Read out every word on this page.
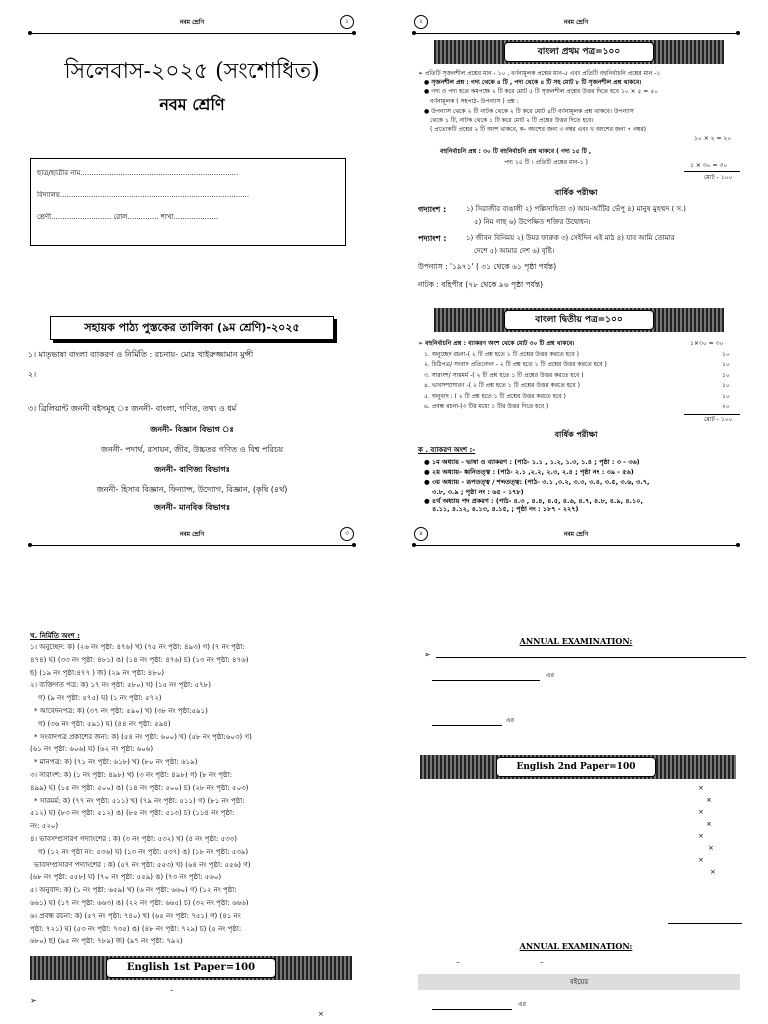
নবম শ্রেণি	১
সিলেবাস-২০২৫ (সংশোধিত)
নবম শ্রেণি
ছাত্র/ছাত্রীর নাম.......................................................................
বিদ্যালয়.....................................................................................
শ্রেণী........................... রোল.............. শাখা....................
সহায়ক পাঠ্য পুস্তকের তালিকা (৯ম শ্রেণি)-২০২৫
১। মাতৃভাষা বাংলা ব্যাকরণ ও নির্মিতি : রচনায়- মোঃ খাইরুজ্জামান মুন্সী
২।
৩। ব্রিলিয়ান্ট জননী বইসমূহ ঃ জননী- বাংলা, গণিত, তথ্য ও ধর্ম
জননী- বিজ্ঞান বিভাগ ঃ
জননী- পদার্থ, রসায়ন, জীব, উচ্চতর গণিত ও বিশ্ব পরিচয়
জননী- বাণিজ্য বিভাগঃ
জননী- হিসাব বিজ্ঞান, ফিন্যান্স, উদ্যোগ, বিজ্ঞান, (কৃষি (৪র্থ)
জননী- মানবিক বিভাগঃ
নবম শ্রেণি
২
বাংলা প্রথম পত্র=১০০
➢ প্রতিটি সৃজনশীল প্রশ্নের মান - ১০ , বর্ণনামূলক প্রশ্নের মান-৫ এবং প্রতিটি বহুনির্বাচনি প্রশ্নের মান -১
● সৃজনশীল প্রশ্ন : গদ্য থেকে ৪ টি , পদ্য থেকে ৪ টি সহ মোট ৮ টি সৃজনশীল প্রশ্ন থাকবে।
● গদ্য ও পদ্য হতে কমপক্ষে ২ টি করে মোট ৫ টি সৃজনশীল প্রশ্নের উত্তর দিতে হবে ১০ × ৫ = ৫০
বর্ণনামূলক ( সহপাঠ- উপন্যাস ) প্রশ্ন :
● উপন্যাস থেকে ২ টি নাটক থেকে ২ টি করে মোট ৪টি বর্ণনামূলক প্রশ্ন থাকবে। উপন্যাস
থেকে ১ টি, নাটক থেকে ১ টি করে মোট ২ টি প্রশ্নের উত্তর দিতে হবে।
( প্রত্যেকটি প্রশ্নের ২ টি অংশ থাকবে, ক- অংশের জন্য ৩ নম্বর এবং খ অংশের জন্য ৭ নম্বর)
১০ × ২ = ২০
বহুনির্বাচনি প্রশ্ন : ৩০ টি বহুনির্বাচনি প্রশ্ন থাকবে ( গদ্য ১৫ টি ,
পদ্য ১৫ টি । প্রতিটি প্রশ্নের মান-১ )	১ × ৩০ = ৩০
মোট - ১০০
বার্ষিক পরীক্ষা
গদ্যাংশ :	১) সিরাজীর বাঙালী ২) পল্লিসাহিত্য ৩) আম-আঁটির ভেঁপু ৪) মানুষ মুহম্মদ ( স.)
৫) নিম গাছ ৬) উপেক্ষিত শক্তির উদ্বোধন।
পদ্যাংশ :	১) জীবন বিনিময় ২) উমর ফারুক ৩) সেইদিন এই মাঠ ৪) যাব আমি তোমার
দেশে ৫) আমার দেশ ৬) বৃষ্টি।
উপন্যাস : '১৯৭১' ( ৩১ থেকে ৬১ পৃষ্ঠা পর্যন্ত)
নাটক : বহিপীর (৭৮ থেকে ৯৬ পৃষ্ঠা পর্যন্ত)
বাংলা দ্বিতীয় পত্র=১০০
➢ বহুনির্বাচনি প্রশ্ন : ব্যাকরণ অংশ থেকে মোট ৩০ টি প্রশ্ন থাকবে।	১×৩০ = ৩০
১. অনুচ্ছেদ রচনা-( ২ টি প্রশ্ন হতে ১ টি প্রশ্নের উত্তর করতে হবে )	১০
২. চিঠিপত্র/ সংবাদ প্রতিবেদন - ২ টি প্রশ্ন হতে ১ টি প্রশ্নের উত্তর করতে হবে )	১০
৩. সারাংশ/ সারমর্ম -( ২ টি প্রশ্ন হতে ১ টি প্রশ্নের উত্তর করতে হবে )	১০
৪. ভাবসম্প্রসারণ -( ২ টি প্রশ্ন হতে ১ টি প্রশ্নের উত্তর করতে হবে )	১০
৫. অনুবাদ : ( ২ টি প্রশ্ন হতে ১ টি প্রশ্নের উত্তর করতে হবে )	১০
৬. প্রবন্ধ রচনা-(৩ টির মধ্যে ১ টির উত্তর দিতে হবে )	২০
মোট - ১০০
বার্ষিক পরীক্ষা
ক . ব্যাকরণ অংশ :-
● ১ম অধ্যায় - ভাষা ও ব্যাকরণ : (পাঠ- ১.১ , ১.২, ১.৩, ১.৪ ; পৃষ্ঠা : ৩ - ৩৬)
● ২য় অধ্যায়- ধ্বনিতত্ত্ব : (পাঠ- ২.১ ,২.২, ২.৩, ২.৪ ; পৃষ্ঠা নং : ৩৯ - ৫৬)
● ৩য় অধ্যায় - রূপতত্ত্ব / শব্দতত্ত্ব: (পাঠ- ৩.১ ,৩.২, ৩.৩, ৩.৪, ৩.৫, ৩.৬, ৩.৭,
৩.৮, ৩.৯ ; পৃষ্ঠা নং : ৬৫ - ১৭৮)
● ৪র্থ অধ্যায় পদ প্রকরণ : (পাঠ- ৪.৩ , ৪.৪, ৪.৫, ৪.৬, ৪.৭, ৪.৮, ৪.৯, ৪.১০,
৪.১১, ৪.১২, ৪.১৩, ৪.১৫, ; পৃষ্ঠা নং : ১৮৭ - ২২৭)
নবম শ্রেণি	৩
খ. নির্মিতি অংশ :
১। অনুচ্ছেদ: ক) (২৬ নং পৃষ্ঠা: ৪৭৬) খ) (৭৫ নং পৃষ্ঠা: ৪৯৩) গ) (৭ নং পৃষ্ঠা:
৪৭৪) ঘ) (৩৩ নং পৃষ্ঠা: ৪৮১) ঙ) (১৪ নং পৃষ্ঠা: ৪৭৬) চ) (১৩ নং পৃষ্ঠা: ৪৭৬)
ছ) (১৯ নং পৃষ্ঠা:৪৭৭ ) জ) (২৯ নং পৃষ্ঠা: ৪৮০)
২। ব্যক্তিগত পত্র: ক) ১৭ নং পৃষ্ঠা: ৫৮০) খ) (১৫ নং পৃষ্ঠা: ৫৭৮)
গ) (৯ নং পৃষ্ঠা: ৫৭৫) ঘ) (১ নং পৃষ্ঠা: ৫৭২)
* আবেদনপত্র: ক) (৩৭ নং পৃষ্ঠা: ৫৯০) খ) (৩৮ নং পৃষ্ঠা:৫৯১)
গ) (৩৬ নং পৃষ্ঠা: ৫৯১) ঘ) (৪৪ নং পৃষ্ঠা: ৫৯৪)
* সংবাদপত্র প্রকাশের জন্য: ক) (৫৪ নং পৃষ্ঠা: ৬০০) খ) (৫৮ নং পৃষ্ঠা:৬০৩) গ)
(৬১ নং পৃষ্ঠা: ৬০৬) ঘ) (৬২ নং পৃষ্ঠা: ৬০৬)
* মানপত্র: ক) (৭১ নং পৃষ্ঠা: ৬১৮) খ) (৮০ নং পৃষ্ঠা: ৬১৯)
৩। সারাংশ: ক) (১ নং পৃষ্ঠা: ৪৯৮) খ) (৩ নং পৃষ্ঠা: ৪৯৮) গ) (৮ নং পৃষ্ঠা:
৪৯৯) ঘ) (১৫ নং পৃষ্ঠা: ৫০০) ঙ) (১৪ নং পৃষ্ঠা: ৫০০) চ) (২৮ নং পৃষ্ঠা: ৫০৩)
* সারমর্ম: ক) (৭৭ নং পৃষ্ঠা: ৫১১) খ) (৭৯ নং পৃষ্ঠা: ৫১১) গ) (৮১ নং পৃষ্ঠা:
৫১২) ঘ) (৮৩ নং পৃষ্ঠা: ৫১২) ঙ) (৮৫ নং পৃষ্ঠা: ৫১৩) চ) (১১৪ নং পৃষ্ঠা:
নং: ৫২০)
৪। ভাবসম্প্রসারণ গদ্যাংশের : ক) (৩ নং পৃষ্ঠা: ৫৩২) খ) (৪ নং পৃষ্ঠা: ৫৩৩)
গ) (১২ নং পৃষ্ঠা নং: ৫৩৬) ঘ) (১৩ নং পৃষ্ঠা: ৫৩৭) ঙ) (১৮ নং পৃষ্ঠা: ৫৩৯)
ভাবসম্প্রসারণ পদ্যাংশের : ক) (৫৭ নং পৃষ্ঠা: ৫৫৩) খ) (৬৪ নং পৃষ্ঠা: ৫৫৬) গ)
(৬৮ নং পৃষ্ঠা: ৫৫৮) ঘ) (৭০ নং পৃষ্ঠা: ৫৫৯) ঙ) (৭৩ নং পৃষ্ঠা: ৫৬০)
৫। অনুবাদ: ক) (১ নং পৃষ্ঠা: ৬৫৯) খ) (৬ নং পৃষ্ঠা: ৬৬০) গ) (১২ নং পৃষ্ঠা:
৬৬১) ঘ) (১৭ নং পৃষ্ঠা: ৬৬৩) ঙ) (২২ নং পৃষ্ঠা: ৬৬৫) চ) (৩২ নং পৃষ্ঠা: ৬৬৬)
৬। প্রবন্ধ রচনা: ক) (৫৭ নং পৃষ্ঠা: ৭৪০) খ) (৬৫ নং পৃষ্ঠা: ৭৫১) গ) (৪১ নং
পৃষ্ঠা: ৭২১) ঘ) (৫৩ নং পৃষ্ঠা: ৭৩৫) ঙ) (৪৮ নং পৃষ্ঠা: ৭২৯) চ) (৫ নং পৃষ্ঠা:
৬৮০) ছ) (৯৫ নং পৃষ্ঠা: ৭৮৯) জ) (৯৭ নং পৃষ্ঠা: ৭৯২)
English 1st Paper=100
➢
–
×
নবম শ্রেণি
৪
ANNUAL EXAMINATION:
➢
এর
এর
English 2nd Paper=100
×
×
×
×
×
×
×
×
ANNUAL EXAMINATION:
–	–
বইয়ের
এর
